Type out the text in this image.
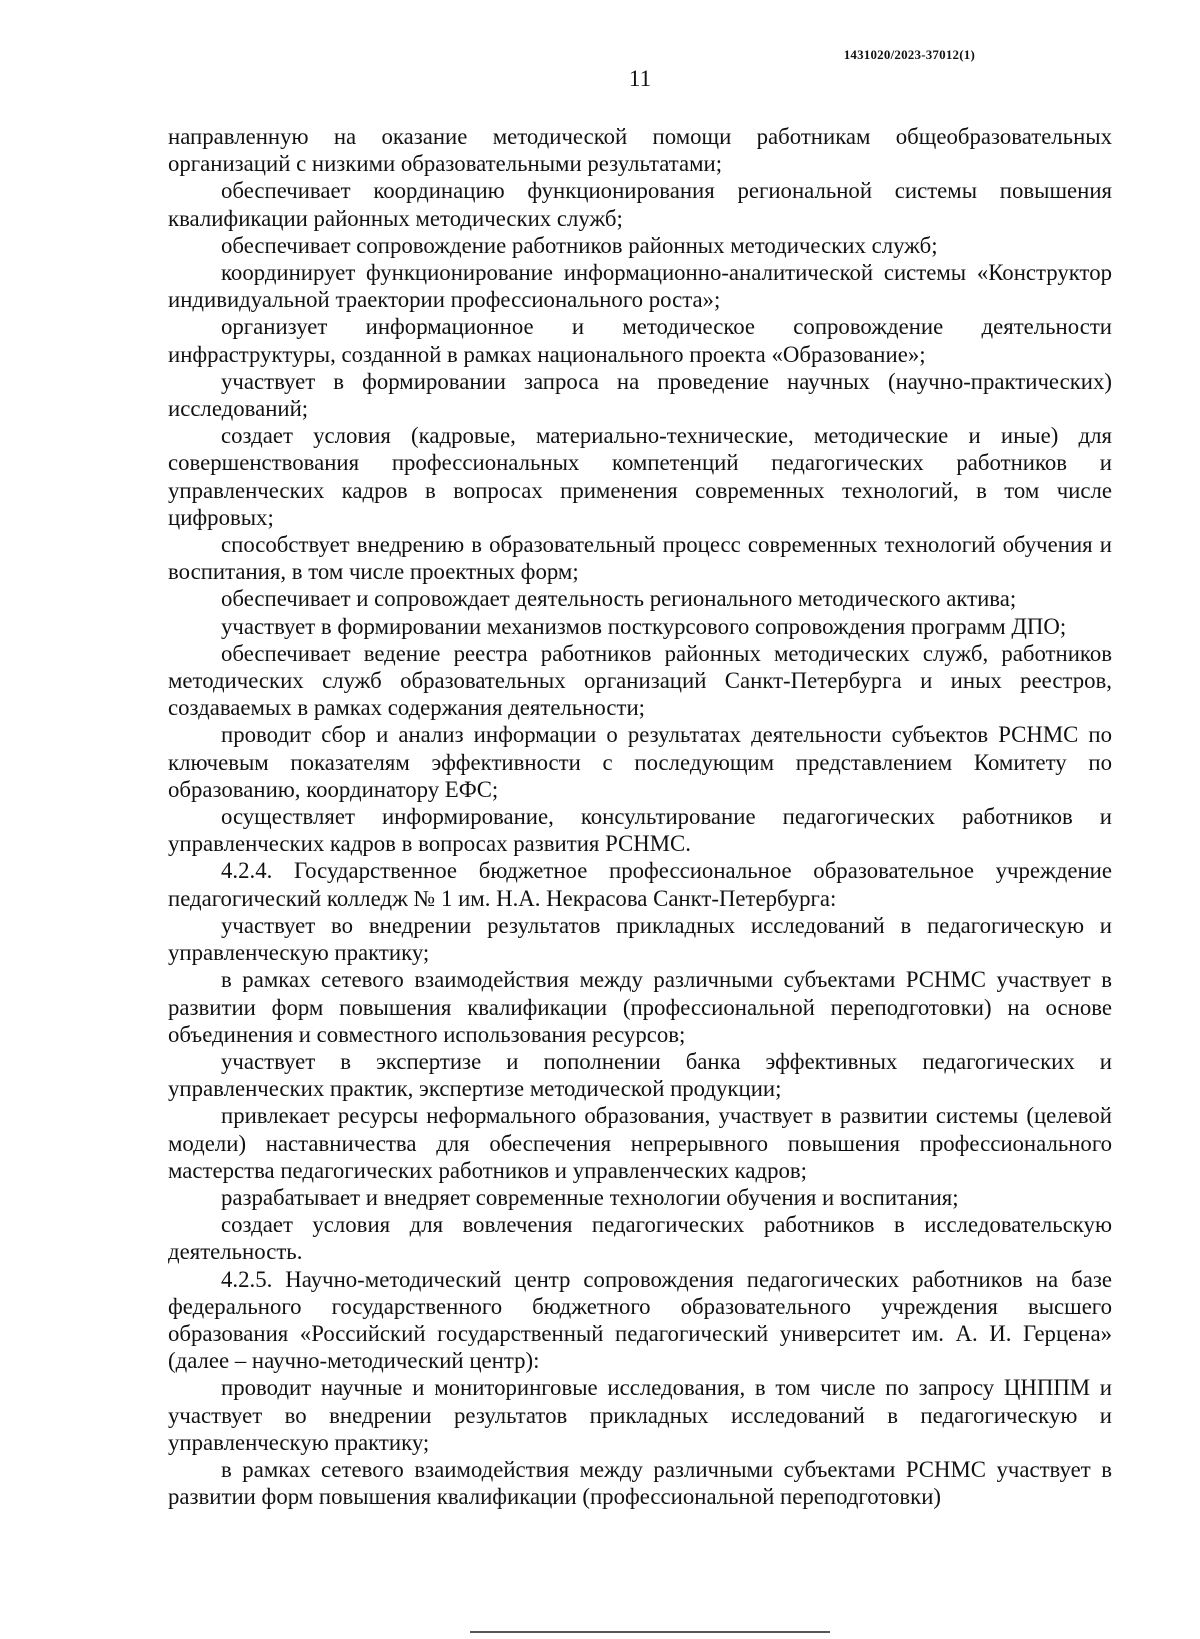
1431020/2023-37012(1)
11

направленную на оказание методической помощи работникам общеобразовательных организаций с низкими образовательными результатами;

обеспечивает координацию функционирования региональной системы повышения квалификации районных методических служб;

обеспечивает сопровождение работников районных методических служб;

координирует функционирование информационно-аналитической системы «Конструктор индивидуальной траектории профессионального роста»;

организует информационное и методическое сопровождение деятельности инфраструктуры, созданной в рамках национального проекта «Образование»;

участвует в формировании запроса на проведение научных (научно-практических) исследований;

создает условия (кадровые, материально-технические, методические и иные) для совершенствования профессиональных компетенций педагогических работников и управленческих кадров в вопросах применения современных технологий, в том числе цифровых;

способствует внедрению в образовательный процесс современных технологий обучения и воспитания, в том числе проектных форм;

обеспечивает и сопровождает деятельность регионального методического актива;

участвует в формировании механизмов посткурсового сопровождения программ ДПО;

обеспечивает ведение реестра работников районных методических служб, работников методических служб образовательных организаций Санкт-Петербурга и иных реестров, создаваемых в рамках содержания деятельности;

проводит сбор и анализ информации о результатах деятельности субъектов РСНМС по ключевым показателям эффективности с последующим представлением Комитету по образованию, координатору ЕФС;

осуществляет информирование, консультирование педагогических работников и управленческих кадров в вопросах развития РСНМС.

4.2.4. Государственное бюджетное профессиональное образовательное учреждение педагогический колледж № 1 им. Н.А. Некрасова Санкт-Петербурга:

участвует во внедрении результатов прикладных исследований в педагогическую и управленческую практику;

в рамках сетевого взаимодействия между различными субъектами РСНМС участвует в развитии форм повышения квалификации (профессиональной переподготовки) на основе объединения и совместного использования ресурсов;

участвует в экспертизе и пополнении банка эффективных педагогических и управленческих практик, экспертизе методической продукции;

привлекает ресурсы неформального образования, участвует в развитии системы (целевой модели) наставничества для обеспечения непрерывного повышения профессионального мастерства педагогических работников и управленческих кадров;

разрабатывает и внедряет современные технологии обучения и воспитания;

создает условия для вовлечения педагогических работников в исследовательскую деятельность.

4.2.5. Научно-методический центр сопровождения педагогических работников на базе федерального государственного бюджетного образовательного учреждения высшего образования «Российский государственный педагогический университет им. А. И. Герцена» (далее – научно-методический центр):

проводит научные и мониторинговые исследования, в том числе по запросу ЦНППМ и участвует во внедрении результатов прикладных исследований в педагогическую и управленческую практику;

в рамках сетевого взаимодействия между различными субъектами РСНМС участвует в развитии форм повышения квалификации (профессиональной переподготовки)
